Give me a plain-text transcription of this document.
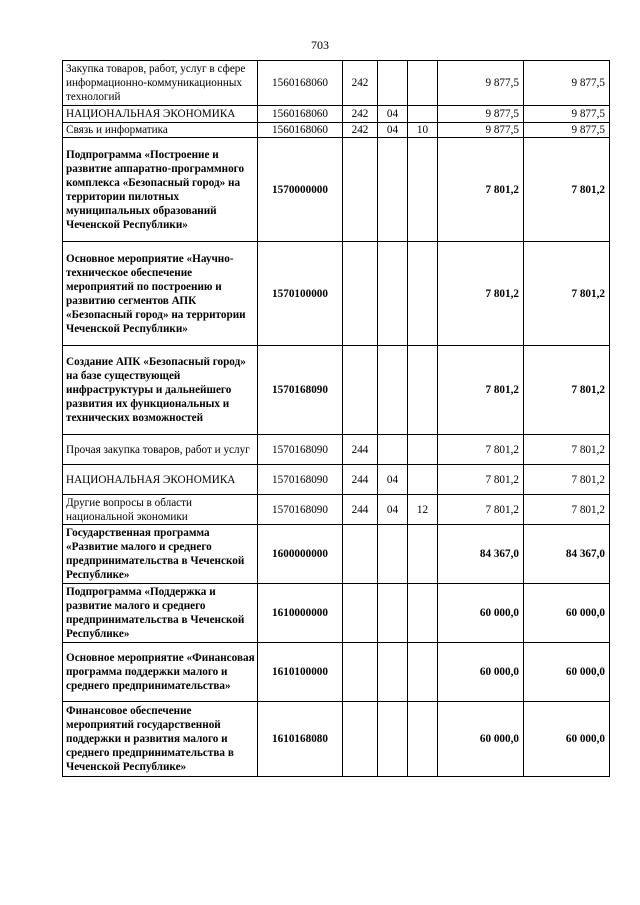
703
Закупка товаров, работ, услуг в сфере информационно-коммуникационных технологий	1560168060	242			9 877,5	9 877,5
НАЦИОНАЛЬНАЯ ЭКОНОМИКА	1560168060	242	04		9 877,5	9 877,5
Связь и информатика	1560168060	242	04	10	9 877,5	9 877,5
Подпрограмма «Построение и развитие аппаратно-программного комплекса «Безопасный город» на территории пилотных муниципальных образований Чеченской Республики»	1570000000				7 801,2	7 801,2
Основное мероприятие «Научно-техническое обеспечение мероприятий по построению и развитию сегментов АПК «Безопасный город» на территории Чеченской Республики»	1570100000				7 801,2	7 801,2
Создание АПК «Безопасный город» на базе существующей инфраструктуры и дальнейшего развития их функциональных и технических возможностей	1570168090				7 801,2	7 801,2
Прочая закупка товаров, работ и услуг	1570168090	244			7 801,2	7 801,2
НАЦИОНАЛЬНАЯ ЭКОНОМИКА	1570168090	244	04		7 801,2	7 801,2
Другие вопросы в области национальной экономики	1570168090	244	04	12	7 801,2	7 801,2
Государственная программа «Развитие малого и среднего предпринимательства в Чеченской Республике»	1600000000				84 367,0	84 367,0
Подпрограмма «Поддержка и развитие малого и среднего предпринимательства в Чеченской Республике»	1610000000				60 000,0	60 000,0
Основное мероприятие «Финансовая программа поддержки малого и среднего предпринимательства»	1610100000				60 000,0	60 000,0
Финансовое обеспечение мероприятий государственной поддержки и развития малого и среднего предпринимательства в Чеченской Республике»	1610168080				60 000,0	60 000,0
